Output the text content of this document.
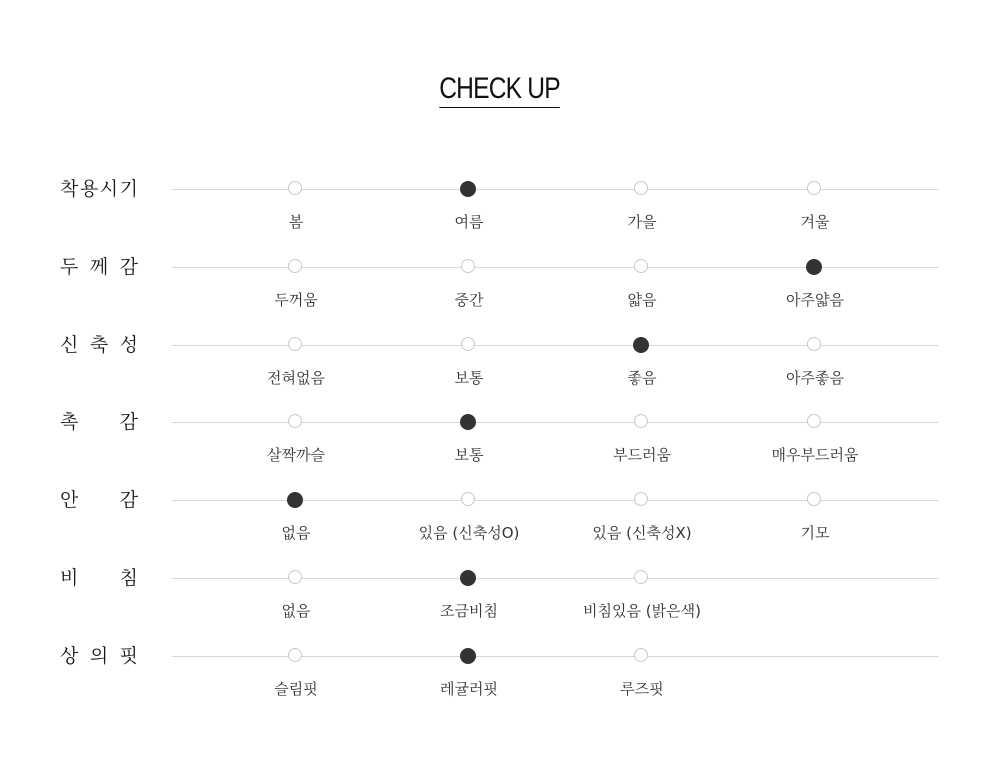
CHECK UP
착 용 시 기
봄	여름	가을	겨울
두 께 감
두꺼움	중간	얇음	아주얇음
신 축 성
전혀없음	보통	좋음	아주좋음
촉 감
살짝까슬	보통	부드러움	매우부드러움
안 감
없음	있음 (신축성O)	있음 (신축성X)	기모
비 침
없음	조금비침	비침있음 (밝은색)
상 의 핏
슬림핏	레귤러핏	루즈핏
